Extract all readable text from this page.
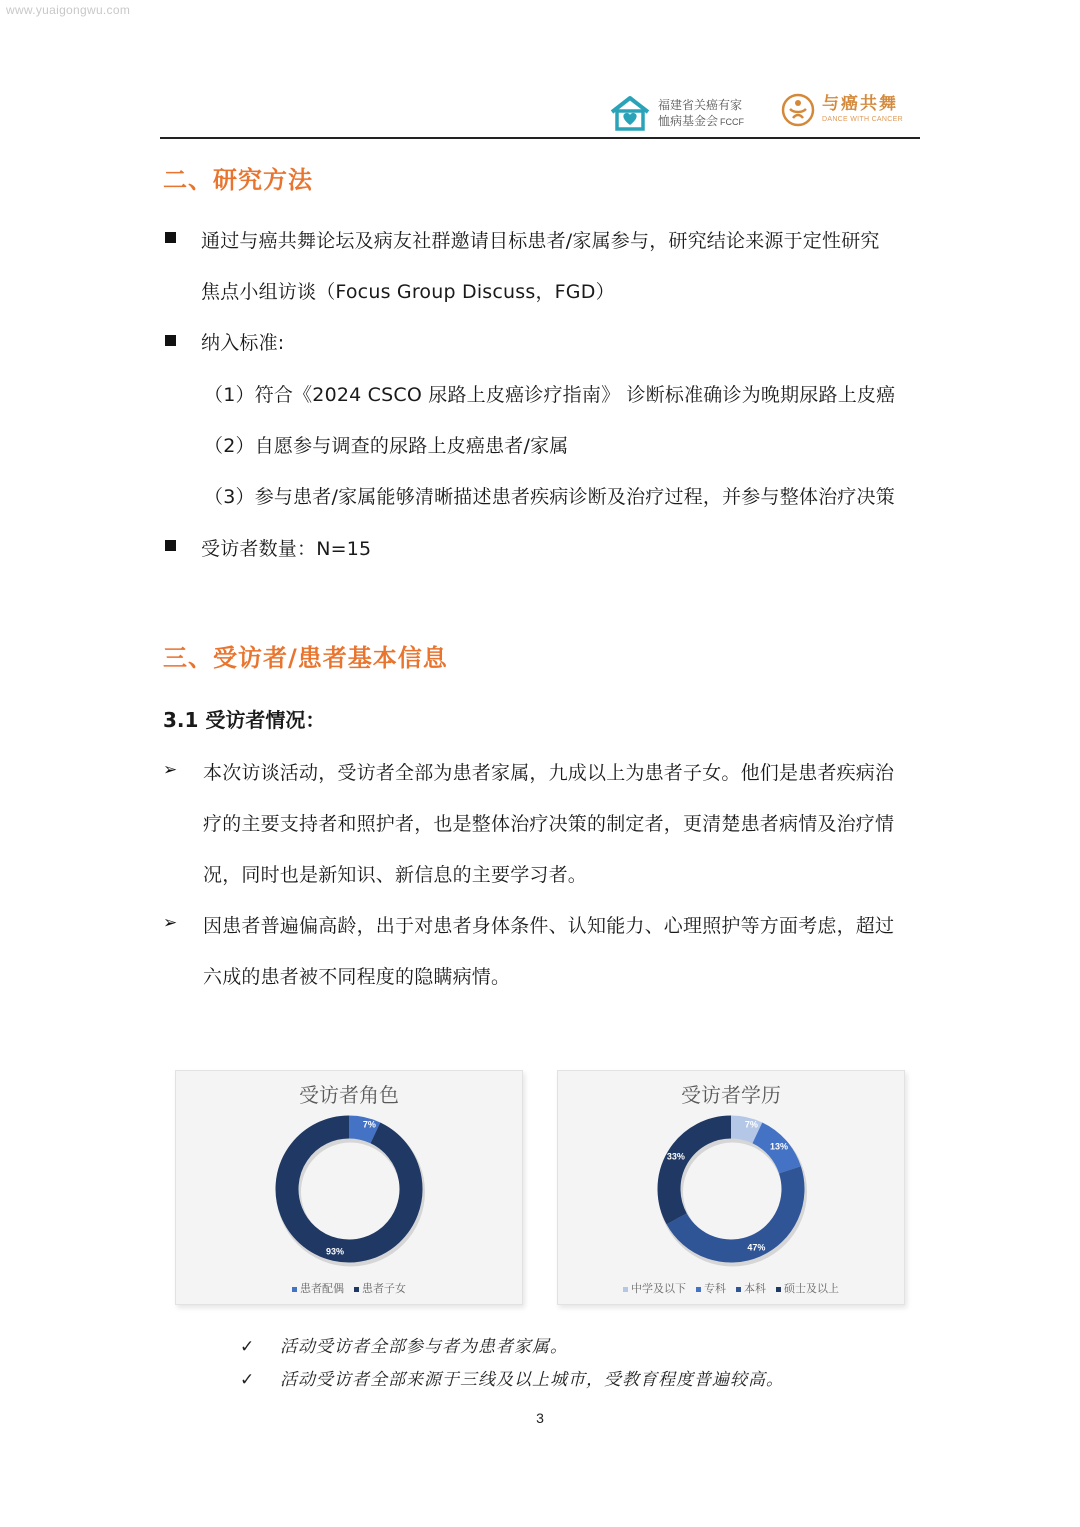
www.yuaigongwu.com
福建省关癌有家
恤病基金会 FCCF
与癌共舞
DANCE WITH CANCER
二、研究方法
通过与癌共舞论坛及病友社群邀请目标患者/家属参与，研究结论来源于定性研究
焦点小组访谈（Focus Group Discuss，FGD）
纳入标准:
（1）符合《2024 CSCO 尿路上皮癌诊疗指南》 诊断标准确诊为晚期尿路上皮癌
（2）自愿参与调查的尿路上皮癌患者/家属
（3）参与患者/家属能够清晰描述患者疾病诊断及治疗过程，并参与整体治疗决策
受访者数量：N=15
三、受访者/患者基本信息
3.1 受访者情况：
➢ 本次访谈活动，受访者全部为患者家属，九成以上为患者子女。他们是患者疾病治
疗的主要支持者和照护者，也是整体治疗决策的制定者，更清楚患者病情及治疗情
况，同时也是新知识、新信息的主要学习者。
➢ 因患者普遍偏高龄，出于对患者身体条件、认知能力、心理照护等方面考虑，超过
六成的患者被不同程度的隐瞒病情。
7%
93%
受访者角色
患者配偶 患者子女
7%
13%
47%
33%
受访者学历
中学及以下 专科 本科 硕士及以上
✓ 活动受访者全部参与者为患者家属。
✓ 活动受访者全部来源于三线及以上城市，受教育程度普遍较高。
3
